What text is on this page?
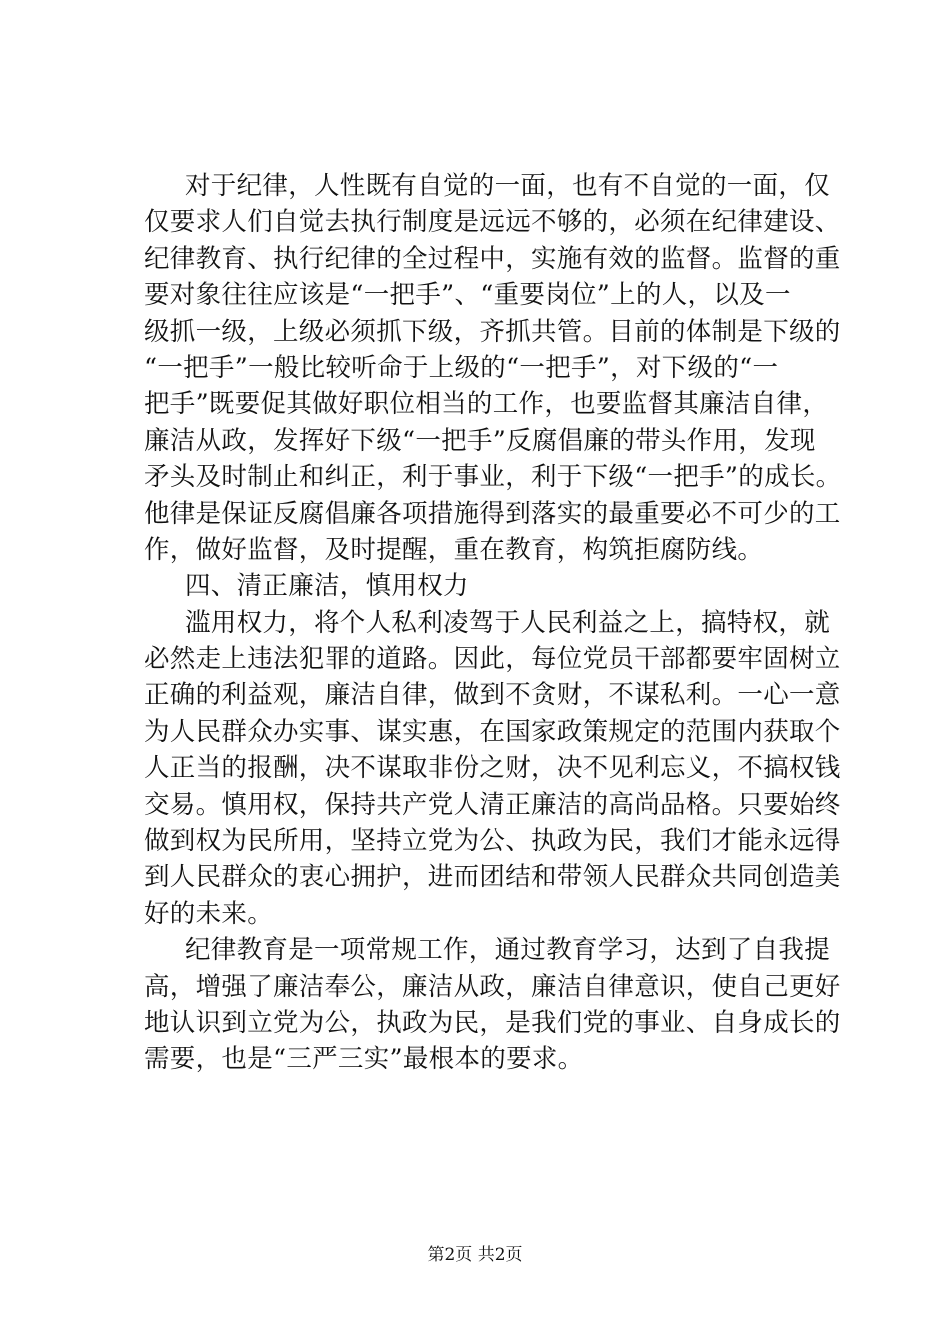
对于纪律，人性既有自觉的一面，也有不自觉的一面，仅
仅要求人们自觉去执行制度是远远不够的，必须在纪律建设、
纪律教育、执行纪律的全过程中，实施有效的监督。监督的重
要对象往往应该是“一把手”、“重要岗位”上的人，以及一
级抓一级，上级必须抓下级，齐抓共管。目前的体制是下级的
“一把手”一般比较听命于上级的“一把手”，对下级的“一
把手”既要促其做好职位相当的工作，也要监督其廉洁自律，
廉洁从政，发挥好下级“一把手”反腐倡廉的带头作用，发现
矛头及时制止和纠正，利于事业，利于下级“一把手”的成长。
他律是保证反腐倡廉各项措施得到落实的最重要必不可少的工
作，做好监督，及时提醒，重在教育，构筑拒腐防线。
四、清正廉洁，慎用权力
滥用权力，将个人私利凌驾于人民利益之上，搞特权，就
必然走上违法犯罪的道路。因此，每位党员干部都要牢固树立
正确的利益观，廉洁自律，做到不贪财，不谋私利。一心一意
为人民群众办实事、谋实惠，在国家政策规定的范围内获取个
人正当的报酬，决不谋取非份之财，决不见利忘义，不搞权钱
交易。慎用权，保持共产党人清正廉洁的高尚品格。只要始终
做到权为民所用，坚持立党为公、执政为民，我们才能永远得
到人民群众的衷心拥护，进而团结和带领人民群众共同创造美
好的未来。
纪律教育是一项常规工作，通过教育学习，达到了自我提
高，增强了廉洁奉公，廉洁从政，廉洁自律意识，使自己更好
地认识到立党为公，执政为民，是我们党的事业、自身成长的
需要，也是“三严三实”最根本的要求。
第2页 共2页
